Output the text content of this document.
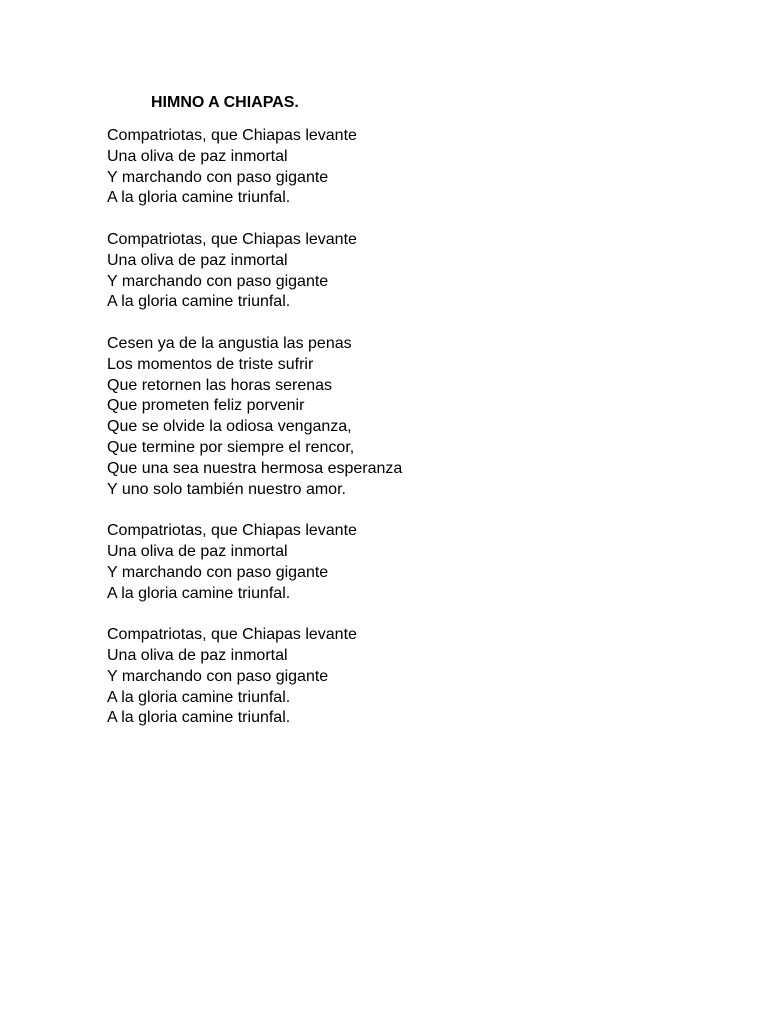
HIMNO A CHIAPAS.
Compatriotas, que Chiapas levante
Una oliva de paz inmortal
Y marchando con paso gigante
A la gloria camine triunfal.
Compatriotas, que Chiapas levante
Una oliva de paz inmortal
Y marchando con paso gigante
A la gloria camine triunfal.
Cesen ya de la angustia las penas
Los momentos de triste sufrir
Que retornen las horas serenas
Que prometen feliz porvenir
Que se olvide la odiosa venganza,
Que termine por siempre el rencor,
Que una sea nuestra hermosa esperanza
Y uno solo también nuestro amor.
Compatriotas, que Chiapas levante
Una oliva de paz inmortal
Y marchando con paso gigante
A la gloria camine triunfal.
Compatriotas, que Chiapas levante
Una oliva de paz inmortal
Y marchando con paso gigante
A la gloria camine triunfal.
A la gloria camine triunfal.
